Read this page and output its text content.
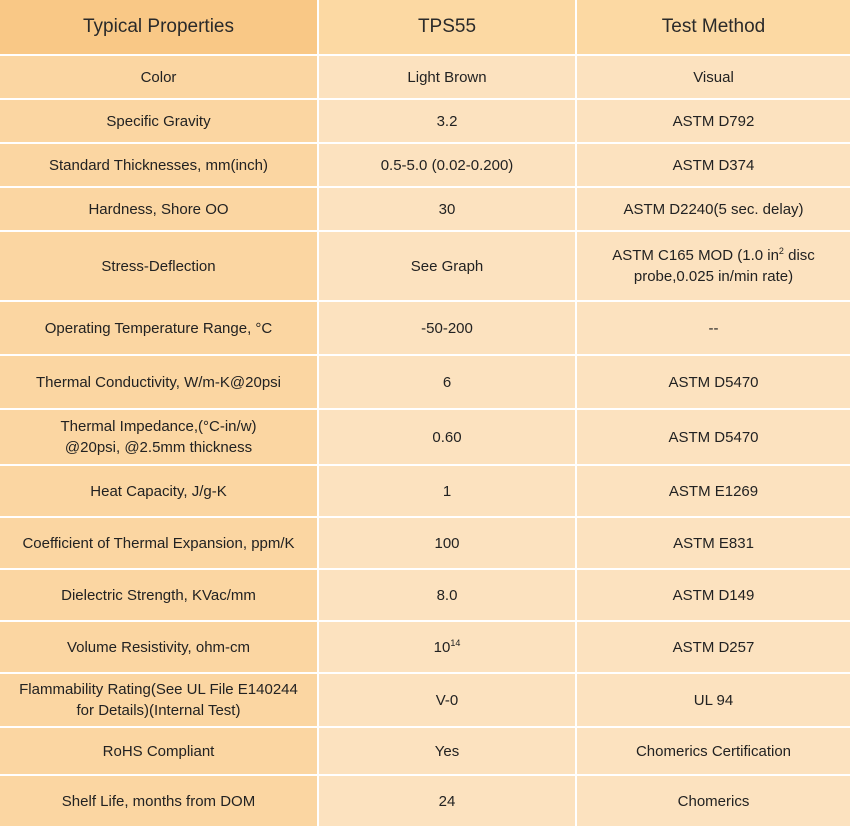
Typical Properties	TPS55	Test Method
Color	Light Brown	Visual
Specific Gravity	3.2	ASTM D792
Standard Thicknesses, mm(inch)	0.5-5.0 (0.02-0.200)	ASTM D374
Hardness, Shore OO	30	ASTM D2240(5 sec. delay)
Stress-Deflection	See Graph	ASTM C165 MOD (1.0 $in^2$ disc
probe,0.025 in/min rate)

Operating Temperature Range, °C	-50-200	--
Thermal Conductivity, W/m-K@20psi	6	ASTM D5470

Thermal Impedance,(°C-in/w)
@20psi, @2.5mm thickness	0.60	ASTM D5470
Heat Capacity, J/g-K	1	ASTM E1269
Coefficient of Thermal Expansion, ppm/K	100	ASTM E831
Dielectric Strength, KVac/mm	8.0	ASTM D149
Volume Resistivity, ohm-cm	$10^{14}$	ASTM D257

Flammability Rating(See UL File E140244
for Details)(Internal Test)	V-0	UL 94
RoHS Compliant	Yes	Chomerics Certification
Shelf Life, months from DOM	24	Chomerics
